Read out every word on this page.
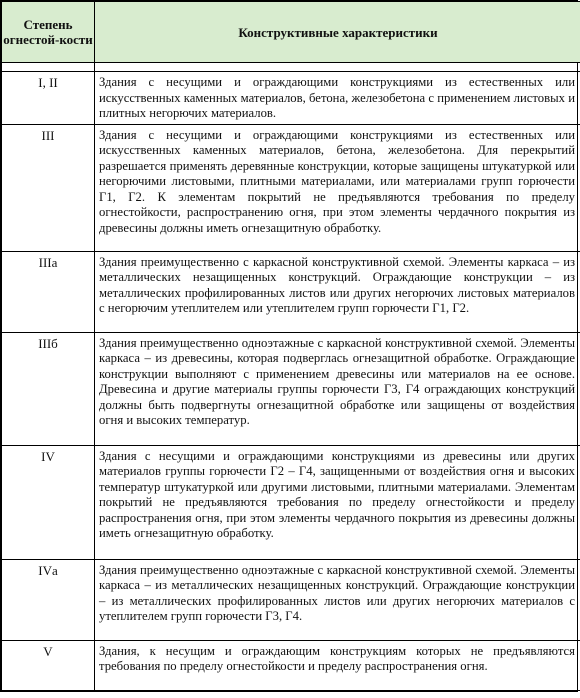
Степень огнестой-кости	Конструктивные характеристики

I, II	Здания с несущими и ограждающими конструкциями из естественных или искусственных каменных материалов, бетона, железобетона с применением листовых и плитных негорючих материалов.
III	Здания с несущими и ограждающими конструкциями из естественных или искусственных каменных материалов, бетона, железобетона. Для перекрытий разрешается применять деревянные конструкции, которые защищены штукатуркой или негорючими листовыми, плитными материалами, или материалами групп горючести Г1, Г2. К элементам покрытий не предъявляются требования по пределу огнестойкости, распространению огня, при этом элементы чердачного покрытия из древесины должны иметь огнезащитную обработку.
IIIа	Здания преимущественно с каркасной конструктивной схемой. Элементы каркаса – из металлических незащищенных конструкций. Ограждающие конструкции – из металлических профилированных листов или других негорючих листовых материалов с негорючим утеплителем или утеплителем групп горючести Г1, Г2.
IIIб	Здания преимущественно одноэтажные с каркасной конструктивной схемой. Элементы каркаса – из древесины, которая подверглась огнезащитной обработке. Ограждающие конструкции выполняют с применением древесины или материалов на ее основе. Древесина и другие материалы группы горючести Г3, Г4 ограждающих конструкций должны быть подвергнуты огнезащитной обработке или защищены от воздействия огня и высоких температур.
IV	Здания с несущими и ограждающими конструкциями из древесины или других материалов группы горючести Г2 – Г4, защищенными от воздействия огня и высоких температур штукатуркой или другими листовыми, плитными материалами. Элементам покрытий не предъявляются требования по пределу огнестойкости и пределу распространения огня, при этом элементы чердачного покрытия из древесины должны иметь огнезащитную обработку.
IVа	Здания преимущественно одноэтажные с каркасной конструктивной схемой. Элементы каркаса – из металлических незащищенных конструкций. Ограждающие конструкции – из металлических профилированных листов или других негорючих материалов с утеплителем групп горючести Г3, Г4.
V	Здания, к несущим и ограждающим конструкциям которых не предъявляются требования по пределу огнестойкости и пределу распространения огня.
